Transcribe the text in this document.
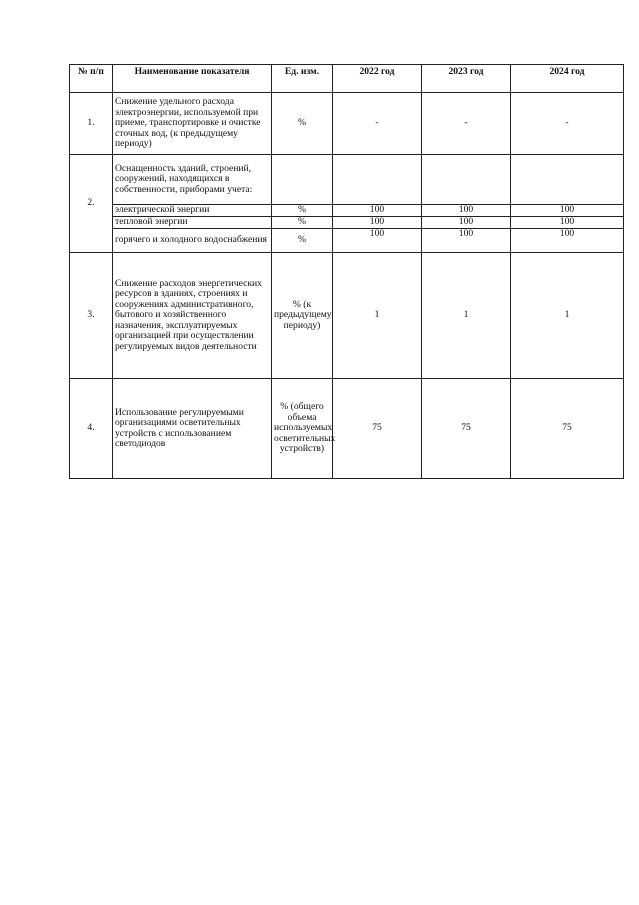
№ п/п	Наименование показателя	Ед. изм.	2022 год	2023 год	2024 год
1.	Снижение удельного расхода электроэнергии, используемой при приеме, транспортировке и очистке сточных вод, (к предыдущему периоду)	%	-	-	-
2.	Оснащенность зданий, строений, сооружений, находящихся в собственности, приборами учета:				
	электрической энергии	%	100	100	100
	тепловой энергии	%	100	100	100
	горячего и холодного водоснабжения	%	100	100	100
3.	Снижение расходов энергетических ресурсов в зданиях, строениях и сооружениях административного, бытового и хозяйственного назначения, эксплуатируемых организацией при осуществлении регулируемых видов деятельности	% (к предыдущему периоду)	1	1	1
4.	Использование регулируемыми организациями осветительных устройств с использованием светодиодов	% (общего объема используемых осветительных устройств)	75	75	75
